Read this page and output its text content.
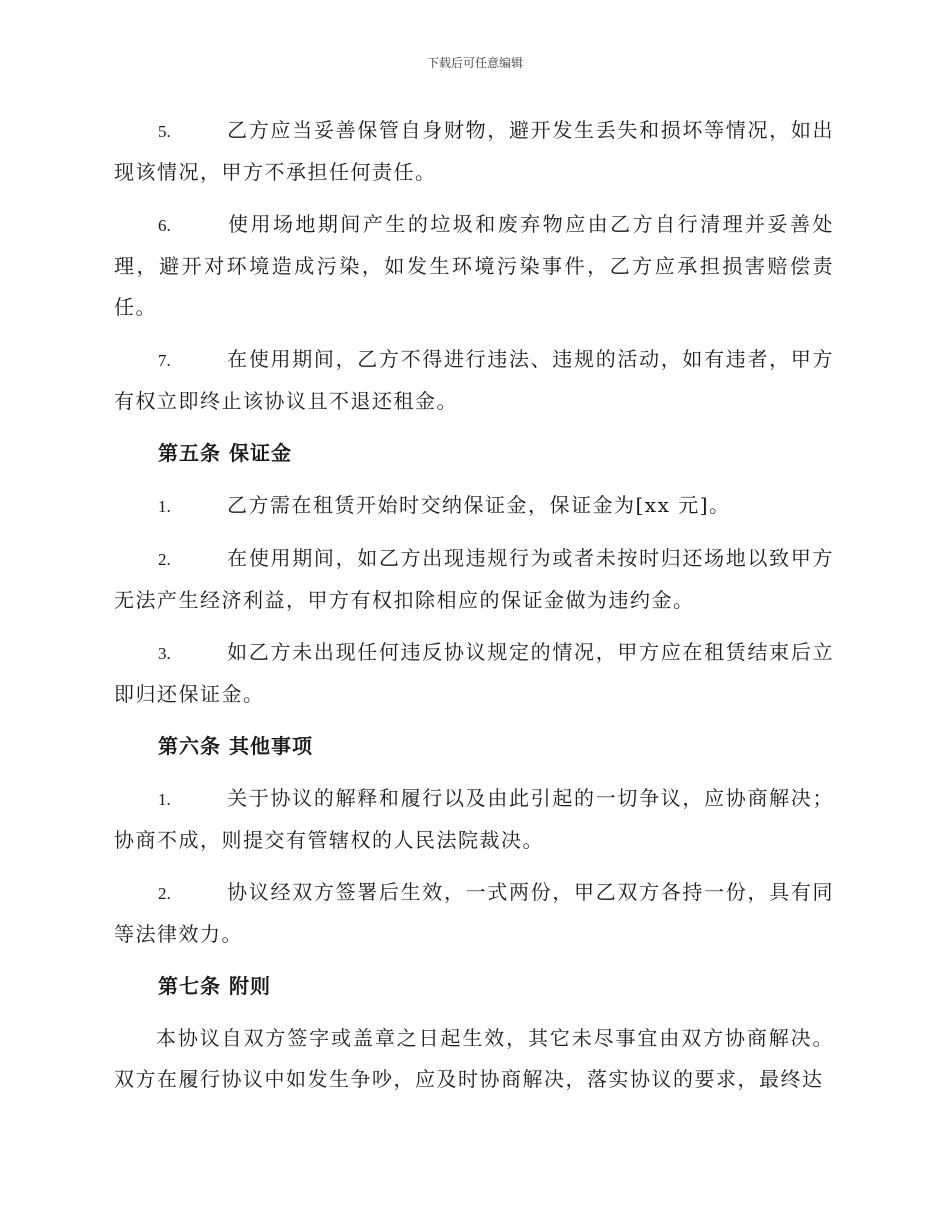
下载后可任意编辑
5.	乙方应当妥善保管自身财物，避开发生丢失和损坏等情况，如出现该情况，甲方不承担任何责任。
6.	使用场地期间产生的垃圾和废弃物应由乙方自行清理并妥善处理，避开对环境造成污染，如发生环境污染事件，乙方应承担损害赔偿责任。
7.	在使用期间，乙方不得进行违法、违规的活动，如有违者，甲方有权立即终止该协议且不退还租金。
第五条 保证金
1.	乙方需在租赁开始时交纳保证金，保证金为[xx 元]。
2.	在使用期间，如乙方出现违规行为或者未按时归还场地以致甲方无法产生经济利益，甲方有权扣除相应的保证金做为违约金。
3.	如乙方未出现任何违反协议规定的情况，甲方应在租赁结束后立即归还保证金。
第六条 其他事项
1.	关于协议的解释和履行以及由此引起的一切争议，应协商解决；协商不成，则提交有管辖权的人民法院裁决。
2.	协议经双方签署后生效，一式两份，甲乙双方各持一份，具有同等法律效力。
第七条 附则

本协议自双方签字或盖章之日起生效，其它未尽事宜由双方协商解决。双方在履行协议中如发生争吵，应及时协商解决，落实协议的要求，最终达
